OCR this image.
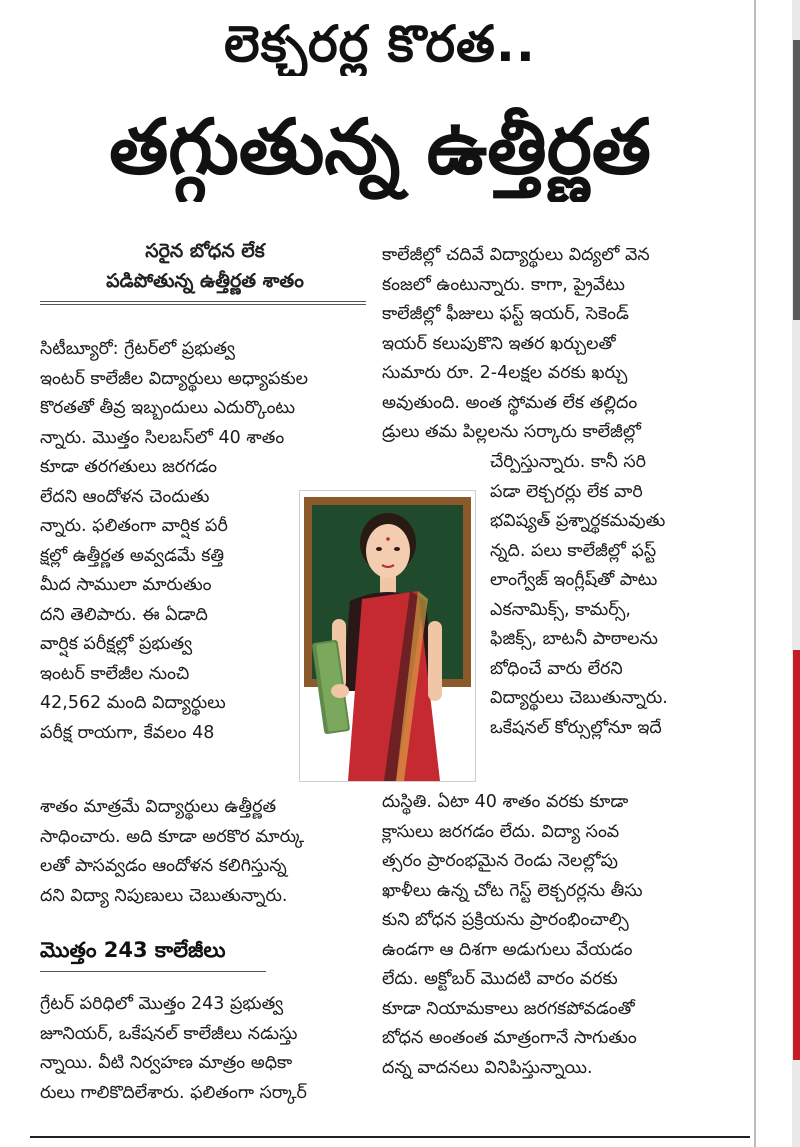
లెక్చరర్ల కొరత..
తగ్గుతున్న ఉత్తీర్ణత
సరైన బోధన లేక
పడిపోతున్న ఉత్తీర్ణత శాతం
సిటీబ్యూరో: గ్రేటర్‌లో ప్రభుత్వ
ఇంటర్ కాలేజీల విద్యార్థులు అధ్యాపకుల
కొరతతో తీవ్ర ఇబ్బందులు ఎదుర్కొంటు
న్నారు. మొత్తం సిలబస్‌లో 40 శాతం
కూడా తరగతులు జరగడం
లేదని ఆందోళన చెందుతు
న్నారు. ఫలితంగా వార్షిక పరీ
క్షల్లో ఉత్తీర్ణత అవ్వడమే కత్తి
మీద సాములా మారుతుం
దని తెలిపారు. ఈ ఏడాది
వార్షిక పరీక్షల్లో ప్రభుత్వ
ఇంటర్ కాలేజీల నుంచి
42,562 మంది విద్యార్థులు
పరీక్ష రాయగా, కేవలం 48
శాతం మాత్రమే విద్యార్థులు ఉత్తీర్ణత
సాధించారు. అది కూడా అరకొర మార్కు
లతో పాసవ్వడం ఆందోళన కలిగిస్తున్న
దని విద్యా నిపుణులు చెబుతున్నారు.
మొత్తం 243 కాలేజీలు
గ్రేటర్ పరిధిలో మొత్తం 243 ప్రభుత్వ
జూనియర్, ఒకేషనల్ కాలేజీలు నడుస్తు
న్నాయి. వీటి నిర్వహణ మాత్రం అధికా
రులు గాలికొదిలేశారు. ఫలితంగా సర్కార్
కాలేజీల్లో చదివే విద్యార్థులు విద్యలో వెన
కంజలో ఉంటున్నారు. కాగా, ప్రైవేటు
కాలేజీల్లో ఫీజులు ఫస్ట్ ఇయర్, సెకెండ్
ఇయర్ కలుపుకొని ఇతర ఖర్చులతో
సుమారు రూ. 2-4లక్షల వరకు ఖర్చు
అవుతుంది. అంత స్థోమత లేక తల్లిదం
డ్రులు తమ పిల్లలను సర్కారు కాలేజీల్లో
చేర్పిస్తున్నారు. కానీ సరి
పడా లెక్చరర్లు లేక వారి
భవిష్యత్ ప్రశ్నార్థకమవుతు
న్నది. పలు కాలేజీల్లో ఫస్ట్
లాంగ్వేజ్ ఇంగ్లీష్‌తో పాటు
ఎకనామిక్స్, కామర్స్,
ఫిజిక్స్, బాటనీ పాఠాలను
బోధించే వారు లేరని
విద్యార్థులు చెబుతున్నారు.
ఒకేషనల్ కోర్సుల్లోనూ ఇదే
దుస్థితి. ఏటా 40 శాతం వరకు కూడా
క్లాసులు జరగడం లేదు. విద్యా సంవ
త్సరం ప్రారంభమైన రెండు నెలల్లోపు
ఖాళీలు ఉన్న చోట గెస్ట్ లెక్చరర్లను తీసు
కుని బోధన ప్రక్రియను ప్రారంభించాల్సి
ఉండగా ఆ దిశగా అడుగులు వేయడం
లేదు. అక్టోబర్ మొదటి వారం వరకు
కూడా నియామకాలు జరగకపోవడంతో
బోధన అంతంత మాత్రంగానే సాగుతుం
దన్న వాదనలు వినిపిస్తున్నాయి.
